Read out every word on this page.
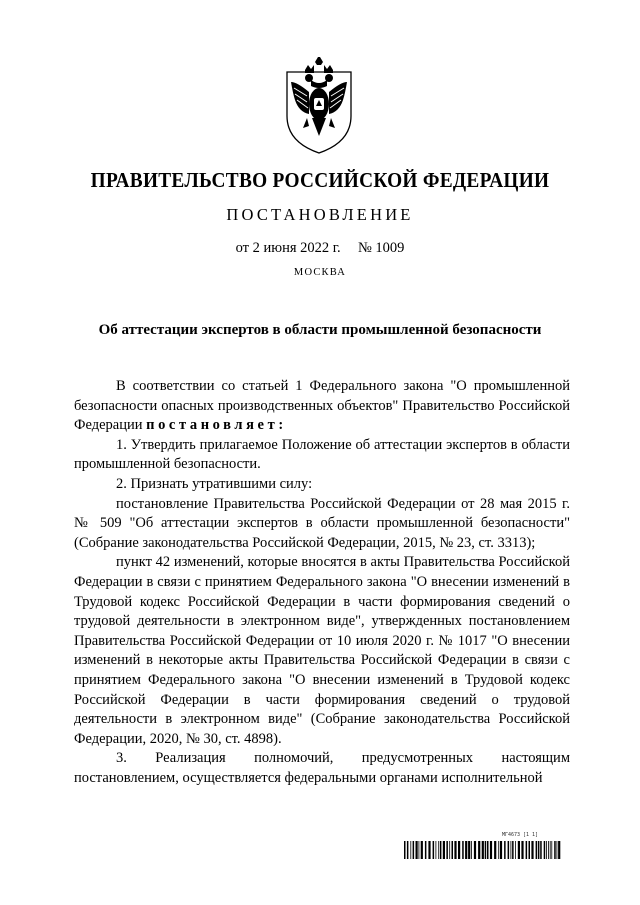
ПРАВИТЕЛЬСТВО РОССИЙСКОЙ ФЕДЕРАЦИИ
ПОСТАНОВЛЕНИЕ
от 2 июня 2022 г. № 1009
МОСКВА
Об аттестации экспертов в области промышленной безопасности

В соответствии со статьей 1 Федерального закона "О промышленной безопасности опасных производственных объектов" Правительство Российской Федерации постановляет:

1. Утвердить прилагаемое Положение об аттестации экспертов в области промышленной безопасности.

2. Признать утратившими силу:

постановление Правительства Российской Федерации от 28 мая 2015 г. № 509 "Об аттестации экспертов в области промышленной безопасности" (Собрание законодательства Российской Федерации, 2015, № 23, ст. 3313);

пункт 42 изменений, которые вносятся в акты Правительства Российской Федерации в связи с принятием Федерального закона "О внесении изменений в Трудовой кодекс Российской Федерации в части формирования сведений о трудовой деятельности в электронном виде", утвержденных постановлением Правительства Российской Федерации от 10 июля 2020 г. № 1017 "О внесении изменений в некоторые акты Правительства Российской Федерации в связи с принятием Федерального закона "О внесении изменений в Трудовой кодекс Российской Федерации в части формирования сведений о трудовой деятельности в электронном виде" (Собрание законодательства Российской Федерации, 2020, № 30, ст. 4898).

3. Реализация полномочий, предусмотренных настоящим постановлением, осуществляется федеральными органами исполнительной

МГ4673 [1 1]
